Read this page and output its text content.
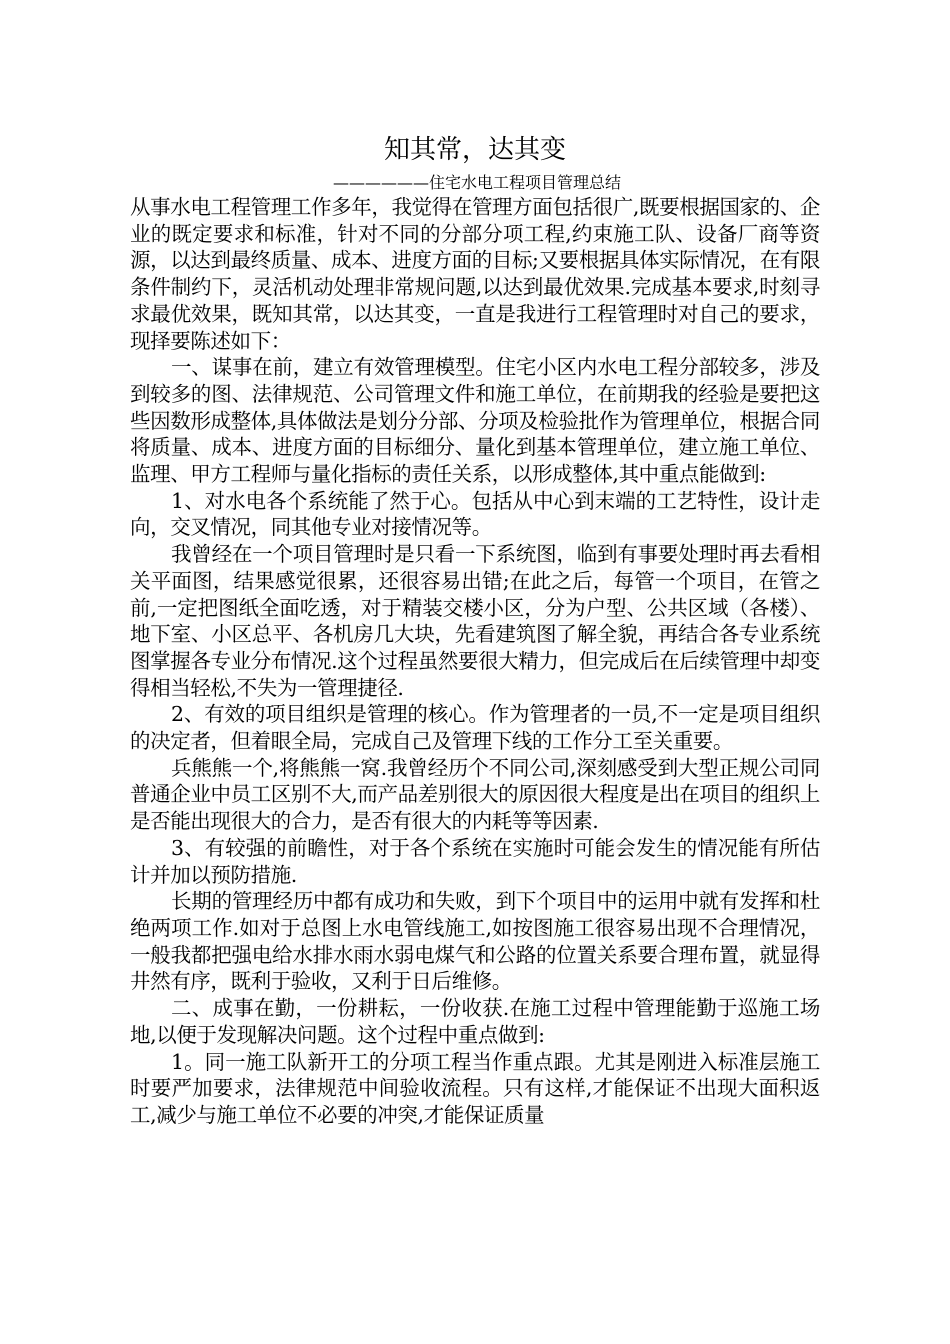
知其常，达其变
——————住宅水电工程项目管理总结

从事水电工程管理工作多年，我觉得在管理方面包括很广,既要根据国家的、企业的既定要求和标准，针对不同的分部分项工程,约束施工队、设备厂商等资源，以达到最终质量、成本、进度方面的目标;又要根据具体实际情况，在有限条件制约下，灵活机动处理非常规问题,以达到最优效果.完成基本要求,时刻寻求最优效果，既知其常，以达其变，一直是我进行工程管理时对自己的要求，现择要陈述如下：

一、谋事在前，建立有效管理模型。住宅小区内水电工程分部较多，涉及到较多的图、法律规范、公司管理文件和施工单位，在前期我的经验是要把这些因数形成整体,具体做法是划分分部、分项及检验批作为管理单位，根据合同将质量、成本、进度方面的目标细分、量化到基本管理单位，建立施工单位、监理、甲方工程师与量化指标的责任关系，以形成整体,其中重点能做到:

1、对水电各个系统能了然于心。包括从中心到末端的工艺特性，设计走向，交叉情况，同其他专业对接情况等。

我曾经在一个项目管理时是只看一下系统图，临到有事要处理时再去看相关平面图，结果感觉很累，还很容易出错;在此之后，每管一个项目，在管之前,一定把图纸全面吃透，对于精装交楼小区，分为户型、公共区域（各楼）、地下室、小区总平、各机房几大块，先看建筑图了解全貌，再结合各专业系统图掌握各专业分布情况.这个过程虽然要很大精力，但完成后在后续管理中却变得相当轻松,不失为一管理捷径.

2、有效的项目组织是管理的核心。作为管理者的一员,不一定是项目组织的决定者，但着眼全局，完成自己及管理下线的工作分工至关重要。

兵熊熊一个,将熊熊一窝.我曾经历个不同公司,深刻感受到大型正规公司同普通企业中员工区别不大,而产品差别很大的原因很大程度是出在项目的组织上是否能出现很大的合力，是否有很大的内耗等等因素.

3、有较强的前瞻性，对于各个系统在实施时可能会发生的情况能有所估计并加以预防措施.

长期的管理经历中都有成功和失败，到下个项目中的运用中就有发挥和杜绝两项工作.如对于总图上水电管线施工,如按图施工很容易出现不合理情况，一般我都把强电给水排水雨水弱电煤气和公路的位置关系要合理布置，就显得井然有序，既利于验收，又利于日后维修。

二、成事在勤，一份耕耘，一份收获.在施工过程中管理能勤于巡施工场地,以便于发现解决问题。这个过程中重点做到:

1。同一施工队新开工的分项工程当作重点跟。尤其是刚进入标准层施工时要严加要求，法律规范中间验收流程。只有这样,才能保证不出现大面积返工,减少与施工单位不必要的冲突,才能保证质量
